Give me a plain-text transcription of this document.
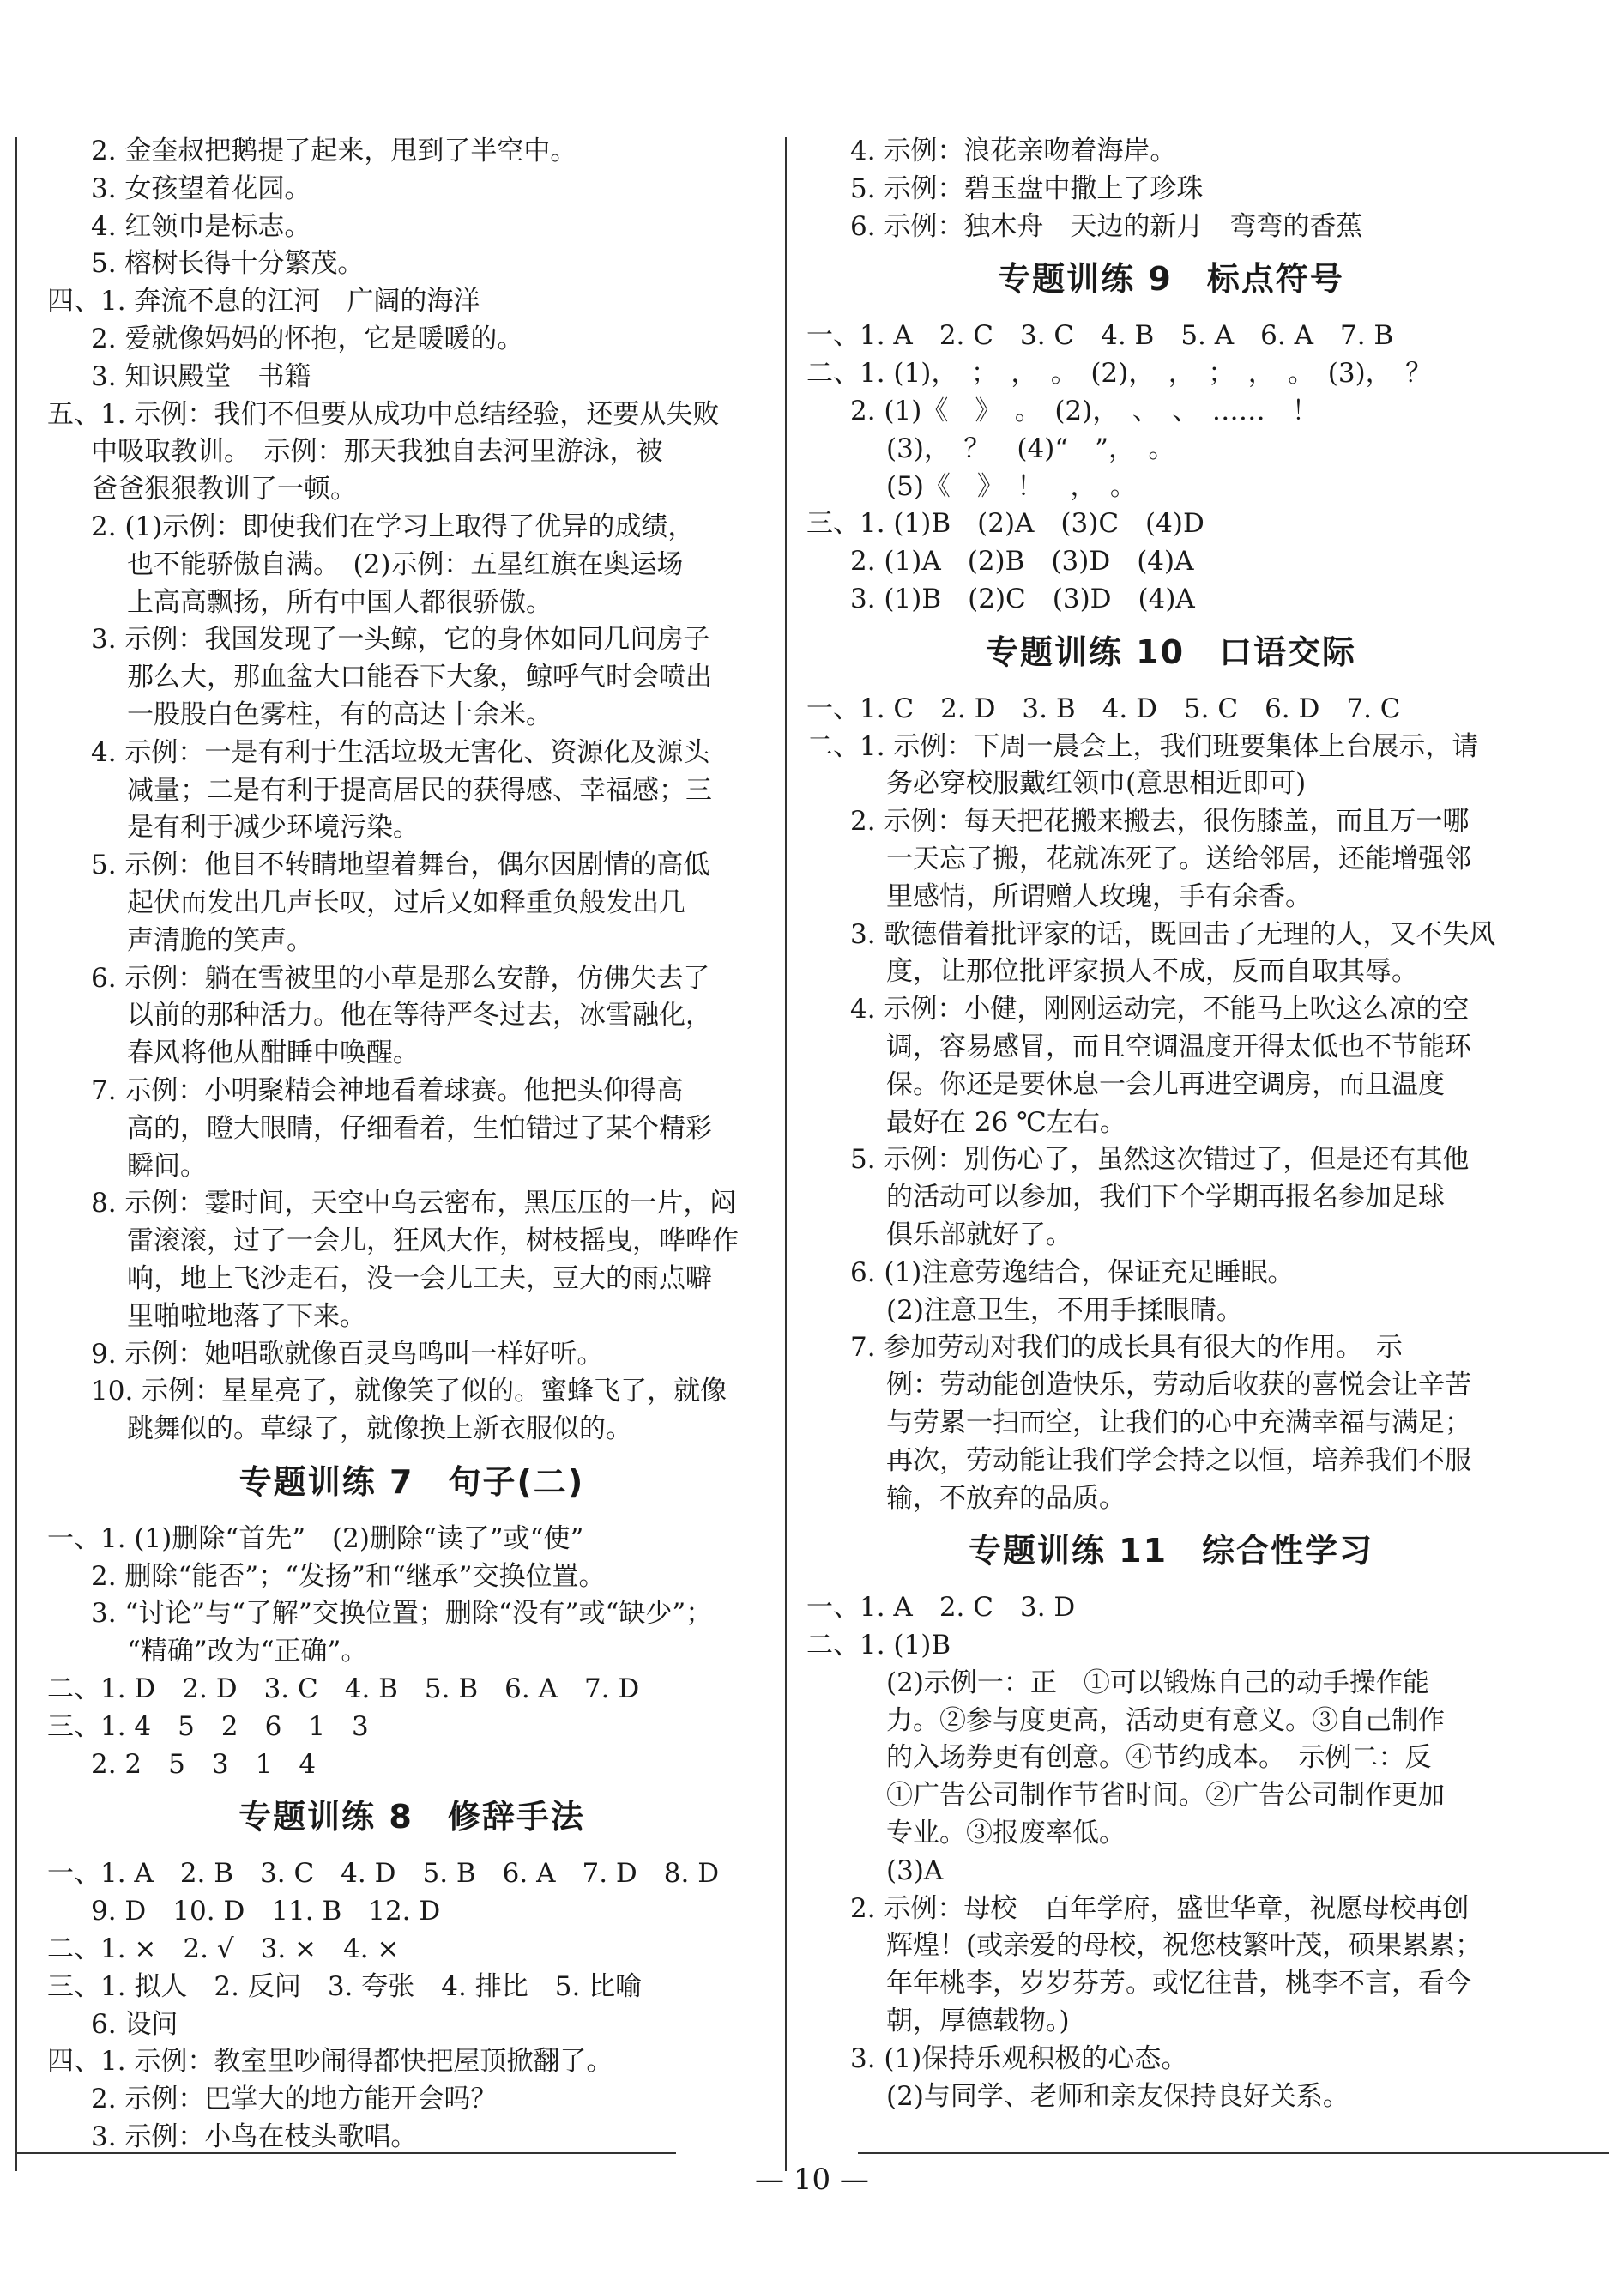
2. 金奎叔把鹅提了起来，甩到了半空中。
3. 女孩望着花园。
4. 红领巾是标志。
5. 榕树长得十分繁茂。
四、1. 奔流不息的江河　广阔的海洋
2. 爱就像妈妈的怀抱，它是暖暖的。
3. 知识殿堂　书籍
五、1. 示例：我们不但要从成功中总结经验，还要从失败
中吸取教训。　示例：那天我独自去河里游泳，被
爸爸狠狠教训了一顿。
2. (1)示例：即使我们在学习上取得了优异的成绩，
也不能骄傲自满。　(2)示例：五星红旗在奥运场
上高高飘扬，所有中国人都很骄傲。
3. 示例：我国发现了一头鲸，它的身体如同几间房子
那么大，那血盆大口能吞下大象，鲸呼气时会喷出
一股股白色雾柱，有的高达十余米。
4. 示例：一是有利于生活垃圾无害化、资源化及源头
减量；二是有利于提高居民的获得感、幸福感；三
是有利于减少环境污染。
5. 示例：他目不转睛地望着舞台，偶尔因剧情的高低
起伏而发出几声长叹，过后又如释重负般发出几
声清脆的笑声。
6. 示例：躺在雪被里的小草是那么安静，仿佛失去了
以前的那种活力。他在等待严冬过去，冰雪融化，
春风将他从酣睡中唤醒。
7. 示例：小明聚精会神地看着球赛。他把头仰得高
高的，瞪大眼睛，仔细看着，生怕错过了某个精彩
瞬间。
8. 示例：霎时间，天空中乌云密布，黑压压的一片，闷
雷滚滚，过了一会儿，狂风大作，树枝摇曳，哗哗作
响，地上飞沙走石，没一会儿工夫，豆大的雨点噼
里啪啦地落了下来。
9. 示例：她唱歌就像百灵鸟鸣叫一样好听。
10. 示例：星星亮了，就像笑了似的。蜜蜂飞了，就像
跳舞似的。草绿了，就像换上新衣服似的。
专题训练 7　句子(二)
一、1. (1)删除“首先”　(2)删除“读了”或“使”
2. 删除“能否”；“发扬”和“继承”交换位置。
3. “讨论”与“了解”交换位置；删除“没有”或“缺少”；
“精确”改为“正确”。
二、1. D　2. D　3. C　4. B　5. B　6. A　7. D
三、1. 4　5　2　6　1　3
2. 2　5　3　1　4
专题训练 8　修辞手法
一、1. A　2. B　3. C　4. D　5. B　6. A　7. D　8. D
9. D　10. D　11. B　12. D
二、1. ×　2. √　3. ×　4. ×
三、1. 拟人　2. 反问　3. 夸张　4. 排比　5. 比喻
6. 设问
四、1. 示例：教室里吵闹得都快把屋顶掀翻了。
2. 示例：巴掌大的地方能开会吗？
3. 示例：小鸟在枝头歌唱。
4. 示例：浪花亲吻着海岸。
5. 示例：碧玉盘中撒上了珍珠
6. 示例：独木舟　天边的新月　弯弯的香蕉
专题训练 9　标点符号
一、1. A　2. C　3. C　4. B　5. A　6. A　7. B
二、1. (1)，　；　，　。　(2)，　，　；　，　。　(3)，　？
2. (1)《　》　。　(2)，　、　、　……　！
(3)，　？　(4)“　”，　。
(5)《　》　！　，　。
三、1. (1)B　(2)A　(3)C　(4)D
2. (1)A　(2)B　(3)D　(4)A
3. (1)B　(2)C　(3)D　(4)A
专题训练 10　口语交际
一、1. C　2. D　3. B　4. D　5. C　6. D　7. C
二、1. 示例：下周一晨会上，我们班要集体上台展示，请
务必穿校服戴红领巾(意思相近即可)
2. 示例：每天把花搬来搬去，很伤膝盖，而且万一哪
一天忘了搬，花就冻死了。送给邻居，还能增强邻
里感情，所谓赠人玫瑰，手有余香。
3. 歌德借着批评家的话，既回击了无理的人，又不失风
度，让那位批评家损人不成，反而自取其辱。
4. 示例：小健，刚刚运动完，不能马上吹这么凉的空
调，容易感冒，而且空调温度开得太低也不节能环
保。你还是要休息一会儿再进空调房，而且温度
最好在 26 ℃左右。
5. 示例：别伤心了，虽然这次错过了，但是还有其他
的活动可以参加，我们下个学期再报名参加足球
俱乐部就好了。
6. (1)注意劳逸结合，保证充足睡眠。
(2)注意卫生，不用手揉眼睛。
7. 参加劳动对我们的成长具有很大的作用。　示
例：劳动能创造快乐，劳动后收获的喜悦会让辛苦
与劳累一扫而空，让我们的心中充满幸福与满足；
再次，劳动能让我们学会持之以恒，培养我们不服
输，不放弃的品质。
专题训练 11　综合性学习
一、1. A　2. C　3. D
二、1. (1)B
(2)示例一：正　①可以锻炼自己的动手操作能
力。②参与度更高，活动更有意义。③自己制作
的入场券更有创意。④节约成本。　示例二：反
①广告公司制作节省时间。②广告公司制作更加
专业。③报废率低。
(3)A
2. 示例：母校　百年学府，盛世华章，祝愿母校再创
辉煌！(或亲爱的母校，祝您枝繁叶茂，硕果累累；
年年桃李，岁岁芬芳。或忆往昔，桃李不言，看今
朝，厚德载物。)
3. (1)保持乐观积极的心态。
(2)与同学、老师和亲友保持良好关系。
— 10 —
